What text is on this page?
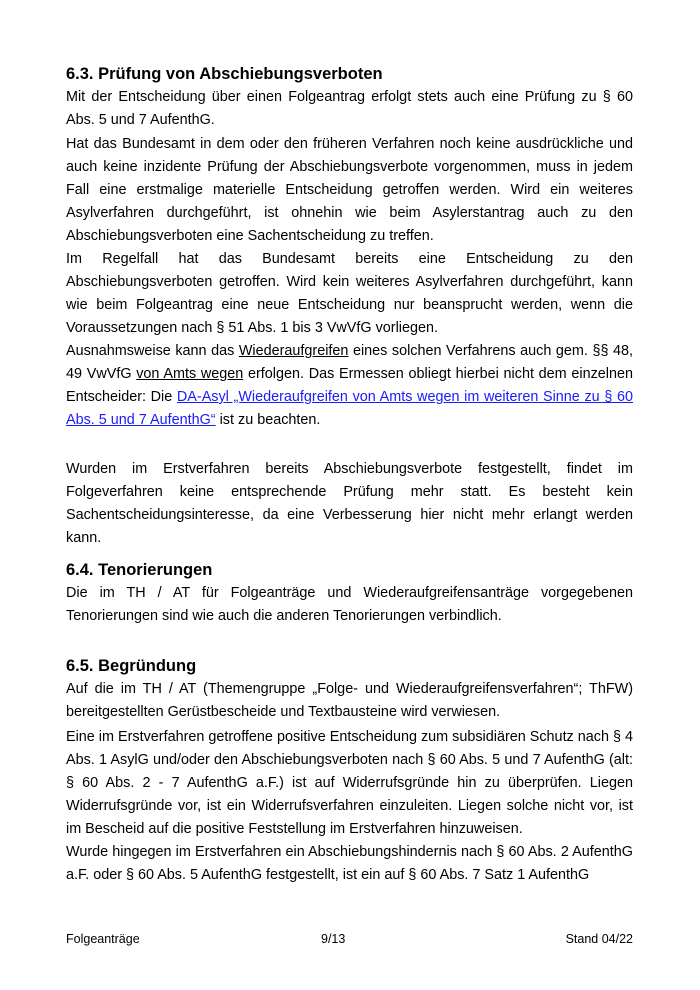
6.3. Prüfung von Abschiebungsverboten

Mit der Entscheidung über einen Folgeantrag erfolgt stets auch eine Prüfung zu § 60 Abs. 5 und 7 AufenthG.

Hat das Bundesamt in dem oder den früheren Verfahren noch keine ausdrückliche und auch keine inzidente Prüfung der Abschiebungsverbote vorgenommen, muss in jedem Fall eine erstmalige materielle Entscheidung getroffen werden. Wird ein weiteres Asylverfahren durchgeführt, ist ohnehin wie beim Asylerstantrag auch zu den Abschiebungsverboten eine Sachentscheidung zu treffen.

Im Regelfall hat das Bundesamt bereits eine Entscheidung zu den Abschiebungsverboten getroffen. Wird kein weiteres Asylverfahren durchgeführt, kann wie beim Folgeantrag eine neue Entscheidung nur beansprucht werden, wenn die Voraussetzungen nach § 51 Abs. 1 bis 3 VwVfG vorliegen.

Ausnahmsweise kann das Wiederaufgreifen eines solchen Verfahrens auch gem. §§ 48, 49 VwVfG von Amts wegen erfolgen. Das Ermessen obliegt hierbei nicht dem einzelnen Entscheider: Die DA-Asyl „Wiederaufgreifen von Amts wegen im weiteren Sinne zu § 60 Abs. 5 und 7 AufenthG“ ist zu beachten.

Wurden im Erstverfahren bereits Abschiebungsverbote festgestellt, findet im Folgeverfahren keine entsprechende Prüfung mehr statt. Es besteht kein Sachentscheidungsinteresse, da eine Verbesserung hier nicht mehr erlangt werden kann.

6.4. Tenorierungen

Die im TH / AT für Folgeanträge und Wiederaufgreifensanträge vorgegebenen Tenorierungen sind wie auch die anderen Tenorierungen verbindlich.

6.5. Begründung

Auf die im TH / AT (Themengruppe „Folge- und Wiederaufgreifensverfahren“; ThFW) bereitgestellten Gerüstbescheide und Textbausteine wird verwiesen.

Eine im Erstverfahren getroffene positive Entscheidung zum subsidiären Schutz nach § 4 Abs. 1 AsylG und/oder den Abschiebungsverboten nach § 60 Abs. 5 und 7 AufenthG (alt: § 60 Abs. 2 - 7 AufenthG a.F.) ist auf Widerrufsgründe hin zu überprüfen. Liegen Widerrufsgründe vor, ist ein Widerrufsverfahren einzuleiten. Liegen solche nicht vor, ist im Bescheid auf die positive Feststellung im Erstverfahren hinzuweisen.

Wurde hingegen im Erstverfahren ein Abschiebungshindernis nach § 60 Abs. 2 AufenthG a.F. oder § 60 Abs. 5 AufenthG festgestellt, ist ein auf § 60 Abs. 7 Satz 1 AufenthG

Folgeanträge	9/13	Stand 04/22
